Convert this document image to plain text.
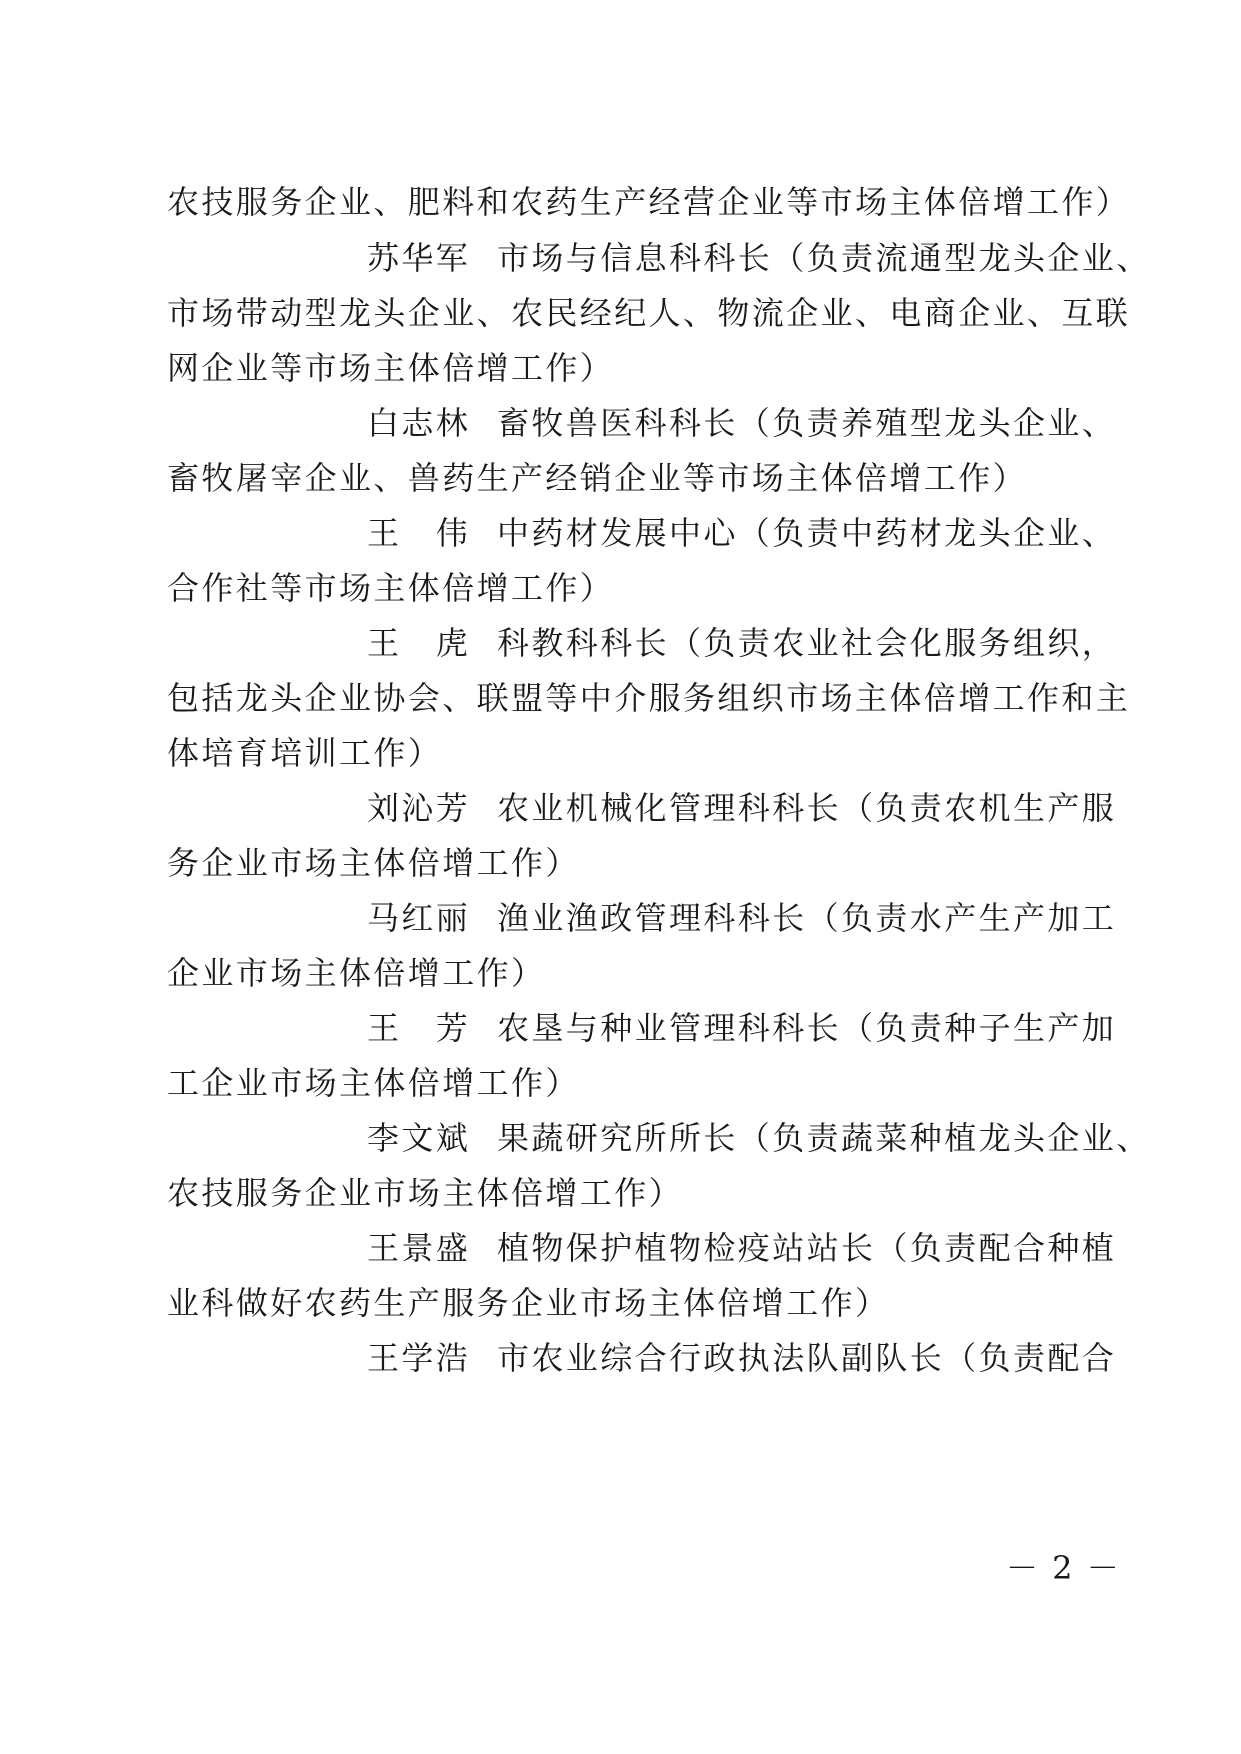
农技服务企业、肥料和农药生产经营企业等市场主体倍增工作）
苏华军 市场与信息科科长（负责流通型龙头企业、
市场带动型龙头企业、农民经纪人、物流企业、电商企业、互联
网企业等市场主体倍增工作）
白志林 畜牧兽医科科长（负责养殖型龙头企业、
畜牧屠宰企业、兽药生产经销企业等市场主体倍增工作）
王　伟 中药材发展中心（负责中药材龙头企业、
合作社等市场主体倍增工作）
王　虎 科教科科长（负责农业社会化服务组织，
包括龙头企业协会、联盟等中介服务组织市场主体倍增工作和主
体培育培训工作）
刘沁芳 农业机械化管理科科长（负责农机生产服
务企业市场主体倍增工作）
马红丽 渔业渔政管理科科长（负责水产生产加工
企业市场主体倍增工作）
王　芳 农垦与种业管理科科长（负责种子生产加
工企业市场主体倍增工作）
李文斌 果蔬研究所所长（负责蔬菜种植龙头企业、
农技服务企业市场主体倍增工作）
王景盛 植物保护植物检疫站站长（负责配合种植
业科做好农药生产服务企业市场主体倍增工作）
王学浩 市农业综合行政执法队副队长（负责配合
－ 2 －
